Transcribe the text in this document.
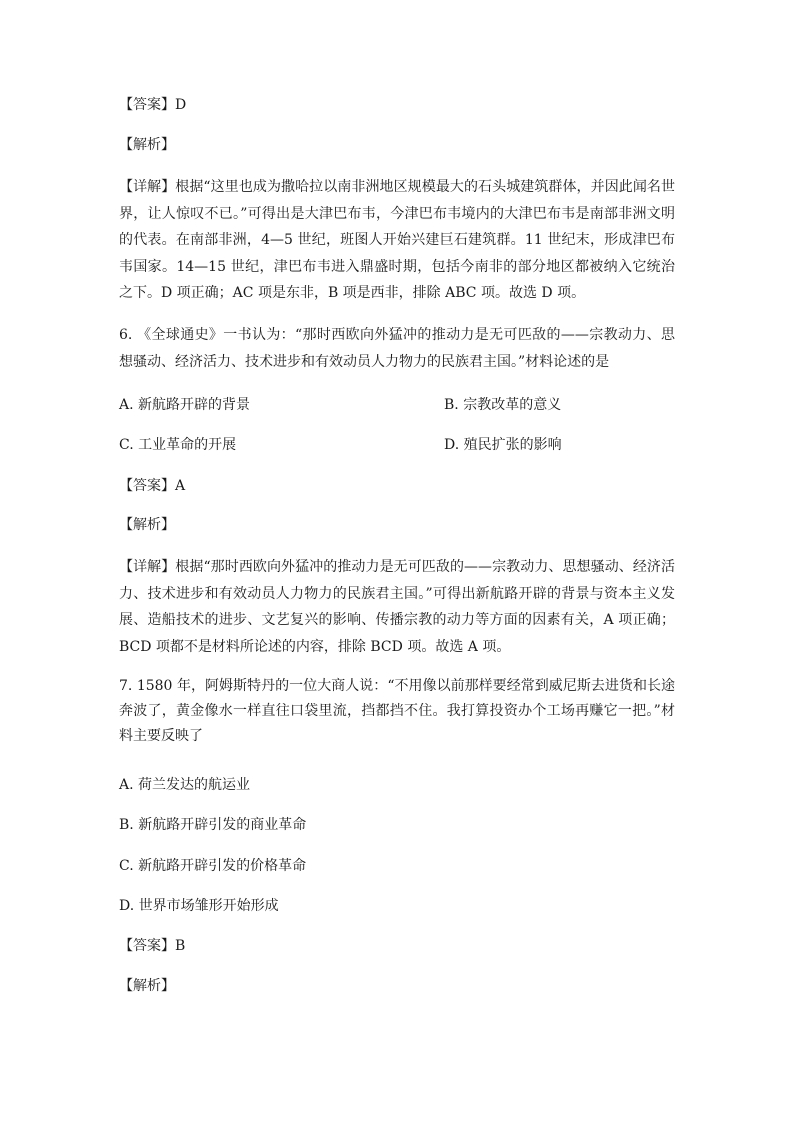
【答案】D
【解析】
【详解】根据“这里也成为撒哈拉以南非洲地区规模最大的石头城建筑群体，并因此闻名世界，让人惊叹不已。”可得出是大津巴布韦，今津巴布韦境内的大津巴布韦是南部非洲文明的代表。在南部非洲，4—5 世纪，班图人开始兴建巨石建筑群。11 世纪末，形成津巴布韦国家。14—15 世纪，津巴布韦进入鼎盛时期，包括今南非的部分地区都被纳入它统治之下。D 项正确；AC 项是东非，B 项是西非，排除 ABC 项。故选 D 项。
6. 《全球通史》一书认为：“那时西欧向外猛冲的推动力是无可匹敌的——宗教动力、思想骚动、经济活力、技术进步和有效动员人力物力的民族君主国。”材料论述的是
A. 新航路开辟的背景	B. 宗教改革的意义
C. 工业革命的开展	D. 殖民扩张的影响
【答案】A
【解析】
【详解】根据“那时西欧向外猛冲的推动力是无可匹敌的——宗教动力、思想骚动、经济活力、技术进步和有效动员人力物力的民族君主国。”可得出新航路开辟的背景与资本主义发展、造船技术的进步、文艺复兴的影响、传播宗教的动力等方面的因素有关，A 项正确；BCD 项都不是材料所论述的内容，排除 BCD 项。故选 A 项。
7. 1580 年，阿姆斯特丹的一位大商人说：“不用像以前那样要经常到威尼斯去进货和长途奔波了，黄金像水一样直往口袋里流，挡都挡不住。我打算投资办个工场再赚它一把。”材料主要反映了
A. 荷兰发达的航运业
B. 新航路开辟引发的商业革命
C. 新航路开辟引发的价格革命
D. 世界市场雏形开始形成
【答案】B
【解析】
